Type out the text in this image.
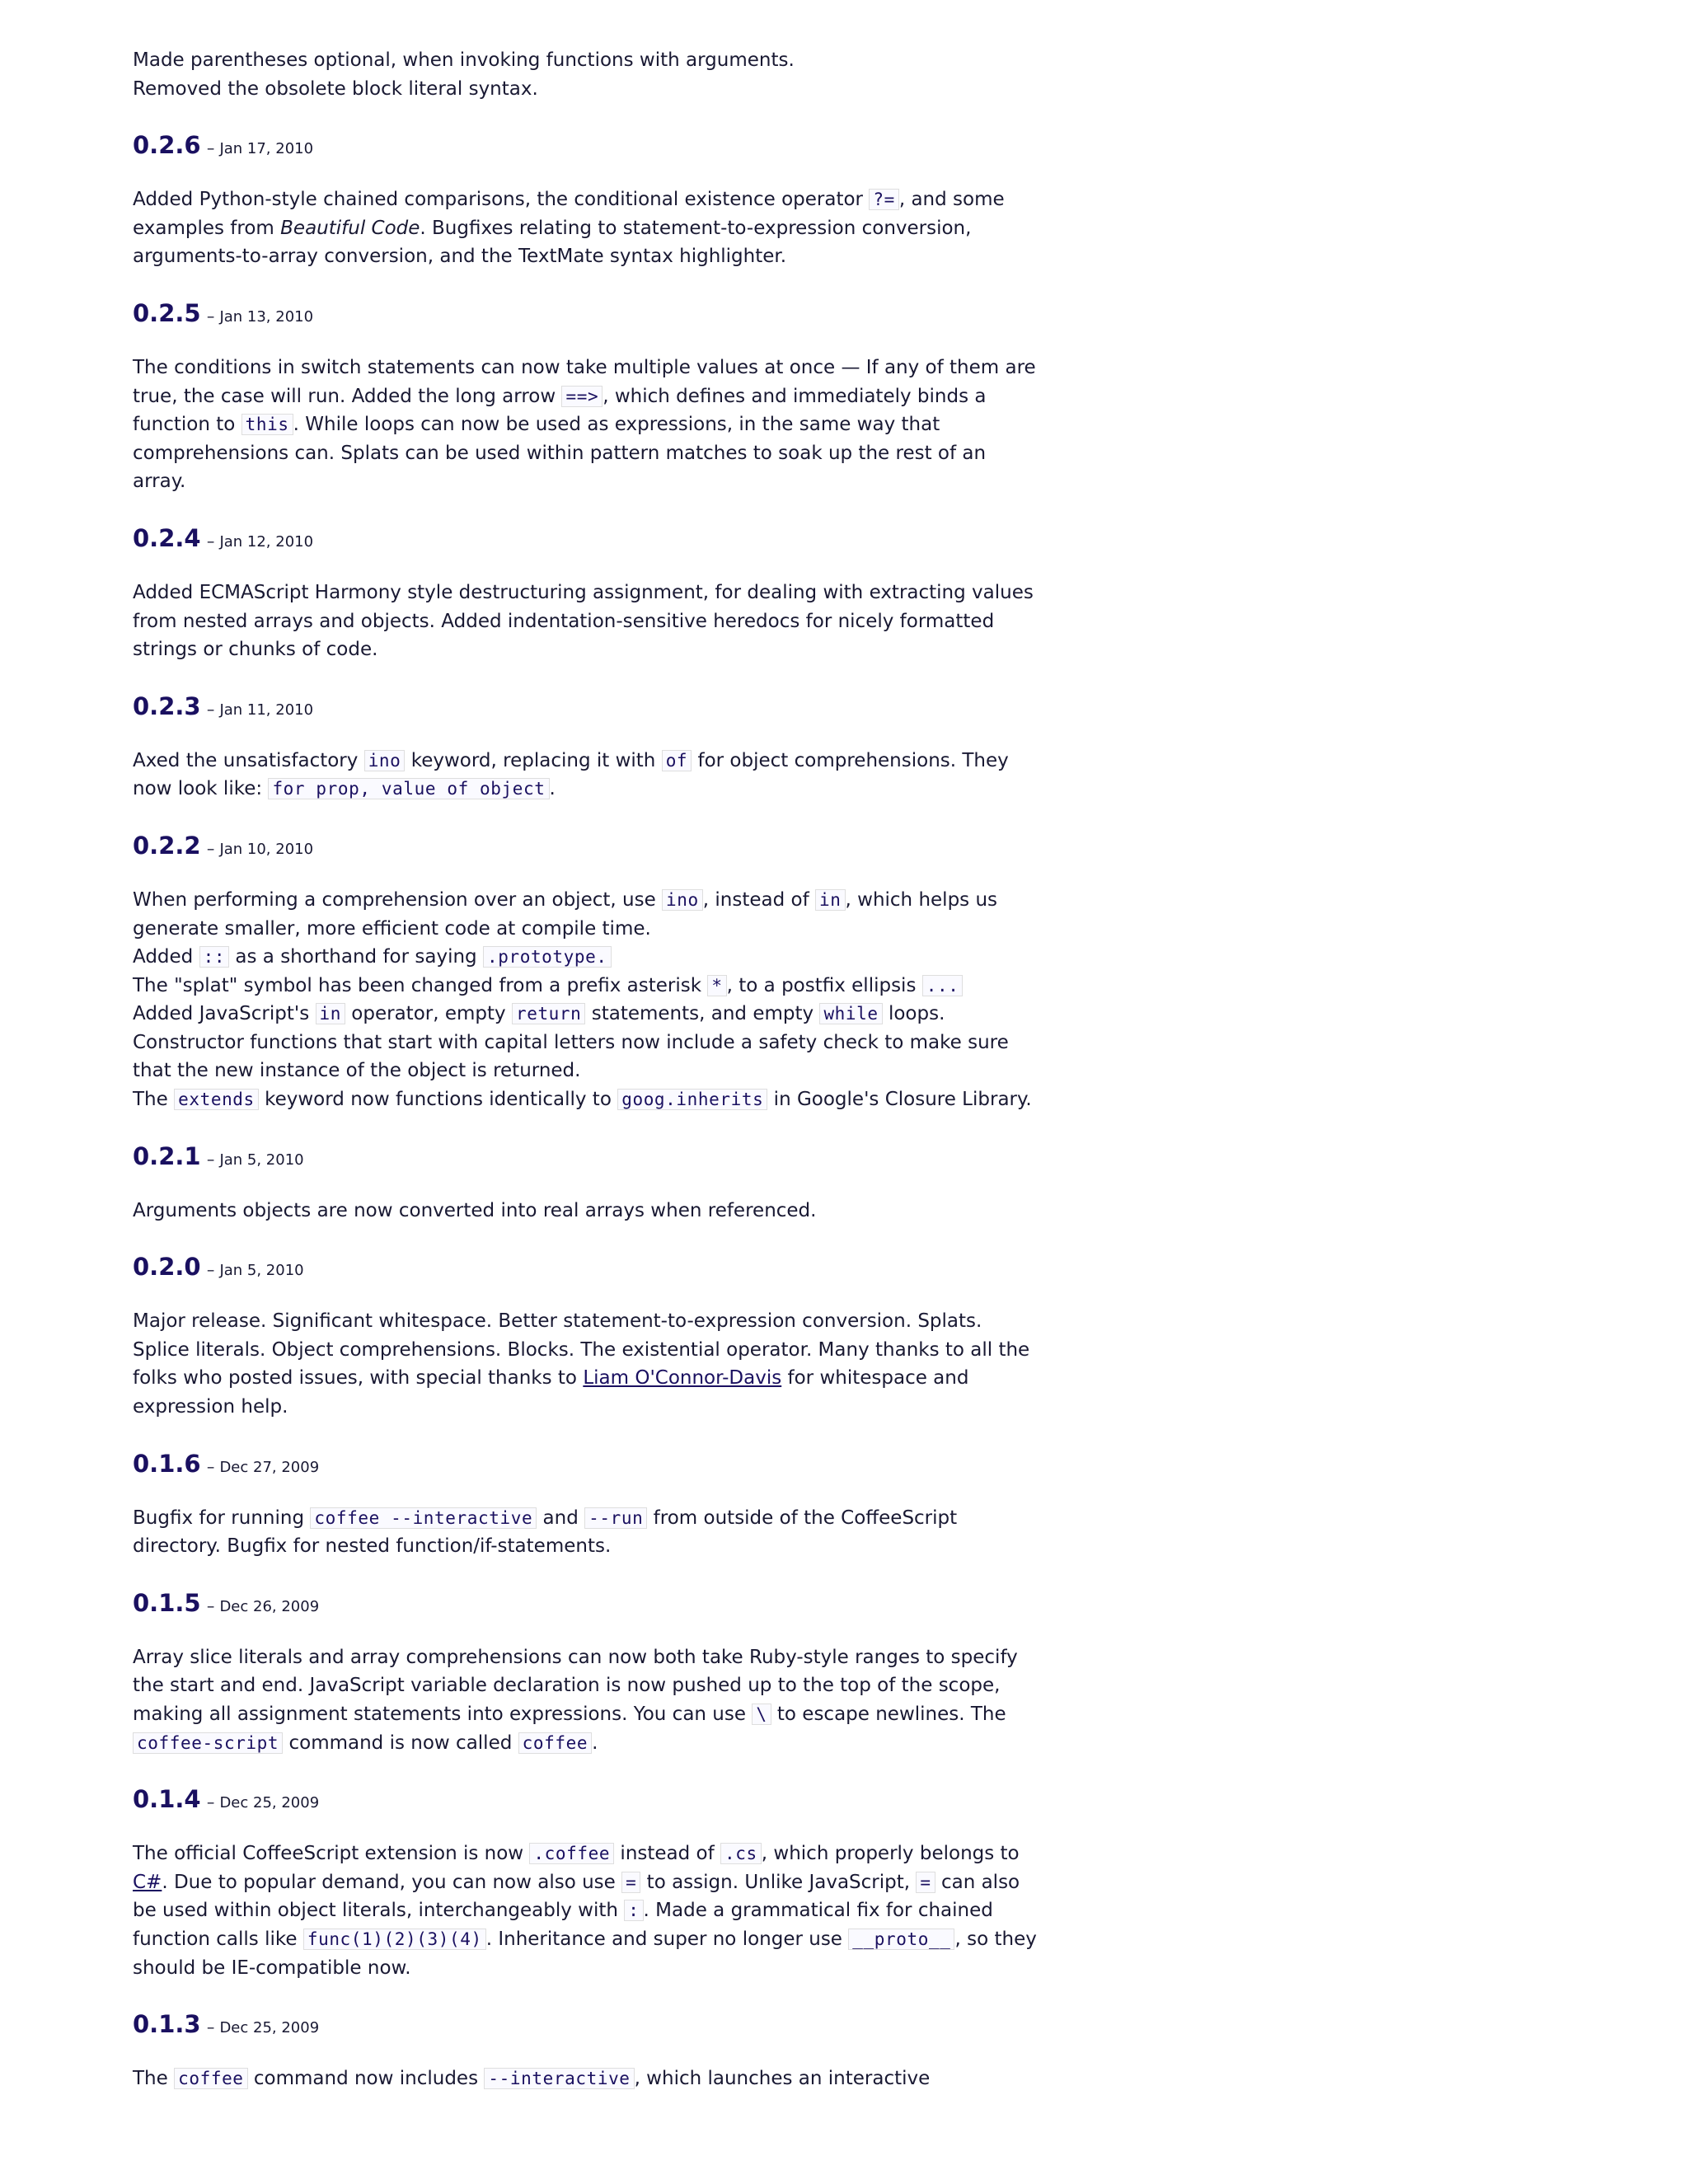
Made parentheses optional, when invoking functions with arguments.
Removed the obsolete block literal syntax.

0.2.6 – Jan 17, 2010

Added Python-style chained comparisons, the conditional existence operator ?= , and some examples from Beautiful Code. Bugfixes relating to statement-to-expression conversion, arguments-to-array conversion, and the TextMate syntax highlighter.

0.2.5 – Jan 13, 2010

The conditions in switch statements can now take multiple values at once — If any of them are true, the case will run. Added the long arrow ==> , which defines and immediately binds a function to this . While loops can now be used as expressions, in the same way that comprehensions can. Splats can be used within pattern matches to soak up the rest of an array.

0.2.4 – Jan 12, 2010

Added ECMAScript Harmony style destructuring assignment, for dealing with extracting values from nested arrays and objects. Added indentation-sensitive heredocs for nicely formatted strings or chunks of code.

0.2.3 – Jan 11, 2010

Axed the unsatisfactory ino keyword, replacing it with of for object comprehensions. They now look like: for prop, value of object .

0.2.2 – Jan 10, 2010

When performing a comprehension over an object, use ino , instead of in , which helps us generate smaller, more efficient code at compile time.
Added :: as a shorthand for saying .prototype.
The "splat" symbol has been changed from a prefix asterisk * , to a postfix ellipsis ...
Added JavaScript's in operator, empty return statements, and empty while loops.
Constructor functions that start with capital letters now include a safety check to make sure that the new instance of the object is returned.
The extends keyword now functions identically to goog.inherits in Google's Closure Library.

0.2.1 – Jan 5, 2010

Arguments objects are now converted into real arrays when referenced.

0.2.0 – Jan 5, 2010

Major release. Significant whitespace. Better statement-to-expression conversion. Splats. Splice literals. Object comprehensions. Blocks. The existential operator. Many thanks to all the folks who posted issues, with special thanks to Liam O'Connor-Davis for whitespace and expression help.

0.1.6 – Dec 27, 2009

Bugfix for running coffee --interactive and --run from outside of the CoffeeScript directory. Bugfix for nested function/if-statements.

0.1.5 – Dec 26, 2009

Array slice literals and array comprehensions can now both take Ruby-style ranges to specify the start and end. JavaScript variable declaration is now pushed up to the top of the scope, making all assignment statements into expressions. You can use \ to escape newlines. The coffee-script command is now called coffee .

0.1.4 – Dec 25, 2009

The official CoffeeScript extension is now .coffee instead of .cs , which properly belongs to C#. Due to popular demand, you can now also use = to assign. Unlike JavaScript, = can also be used within object literals, interchangeably with : . Made a grammatical fix for chained function calls like func(1)(2)(3)(4) . Inheritance and super no longer use __proto__ , so they should be IE-compatible now.

0.1.3 – Dec 25, 2009

The coffee command now includes --interactive , which launches an interactive
